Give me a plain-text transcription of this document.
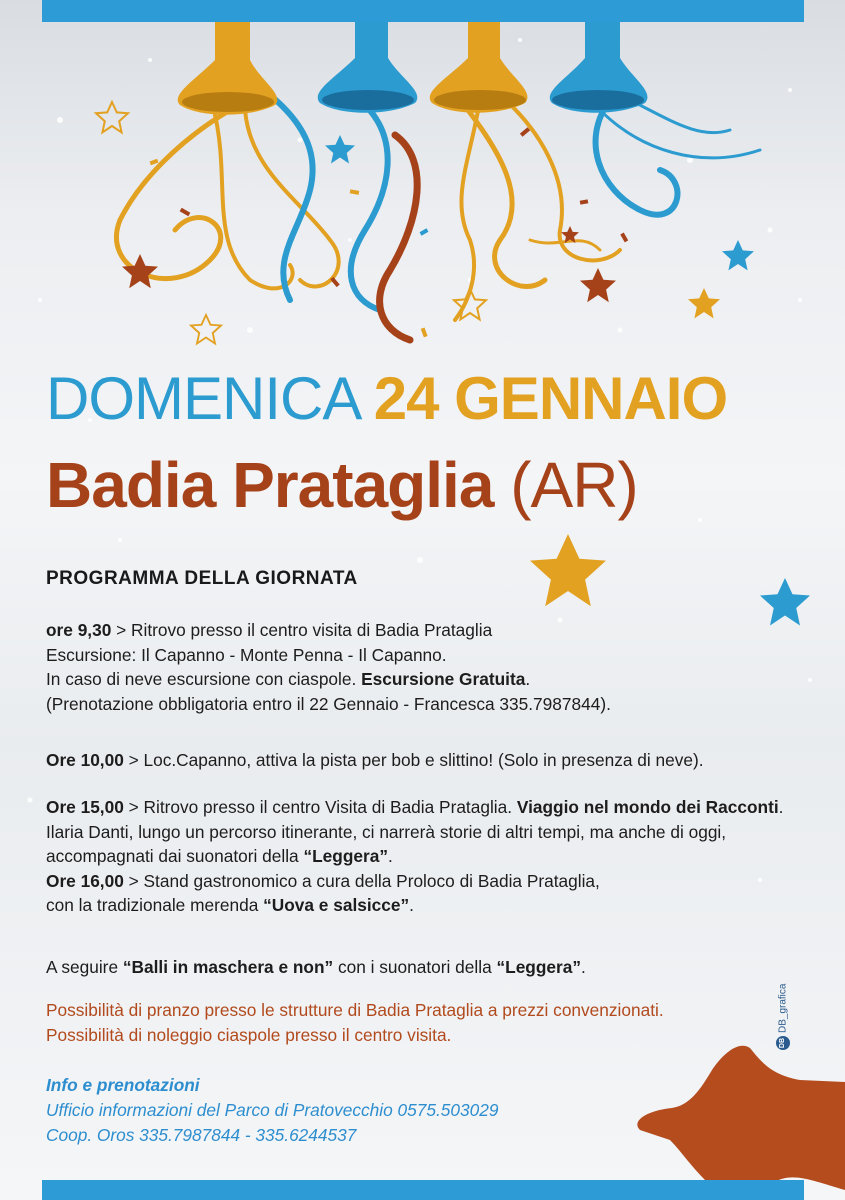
DOMENICA 24 GENNAIO
Badia Prataglia (AR)
PROGRAMMA DELLA GIORNATA
ore 9,30 > Ritrovo presso il centro visita di Badia Prataglia
Escursione: Il Capanno - Monte Penna - Il Capanno.
In caso di neve escursione con ciaspole. Escursione Gratuita.
(Prenotazione obbligatoria entro il 22 Gennaio - Francesca 335.7987844).
Ore 10,00 > Loc.Capanno, attiva la pista per bob e slittino! (Solo in presenza di neve).
Ore 15,00 > Ritrovo presso il centro Visita di Badia Prataglia. Viaggio nel mondo dei Racconti. Ilaria Danti, lungo un percorso itinerante, ci narrerà storie di altri tempi, ma anche di oggi, accompagnati dai suonatori della “Leggera”.
Ore 16,00 > Stand gastronomico a cura della Proloco di Badia Prataglia,
con la tradizionale merenda “Uova e salsicce”.
A seguire “Balli in maschera e non” con i suonatori della “Leggera”.
Possibilità di pranzo presso le strutture di Badia Prataglia a prezzi convenzionati.
Possibilità di noleggio ciaspole presso il centro visita.
Info e prenotazioni
Ufficio informazioni del Parco di Pratovecchio 0575.503029
Coop. Oros 335.7987844 - 335.6244537
DBDB_grafica
